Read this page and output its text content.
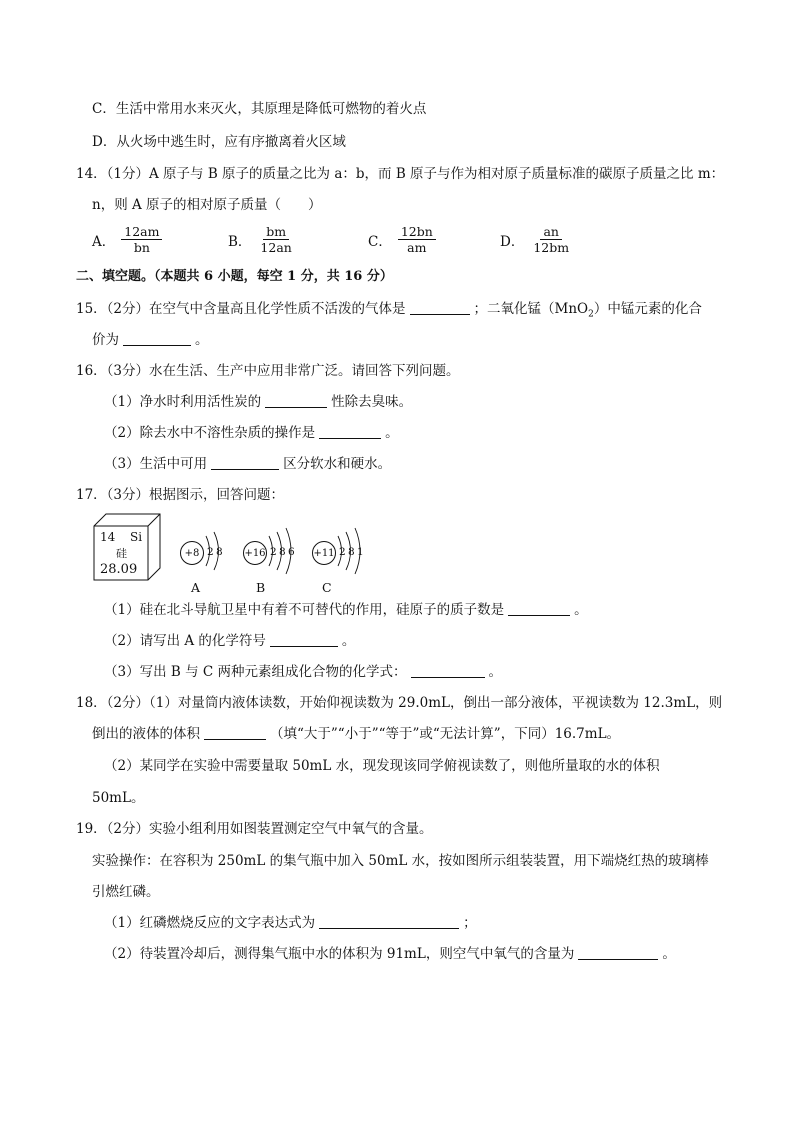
C．生活中常用水来灭火，其原理是降低可燃物的着火点
D．从火场中逃生时，应有序撤离着火区域
14．（1分）A 原子与 B 原子的质量之比为 a：b，而 B 原子与作为相对原子质量标准的碳原子质量之比 m：
n，则 A 原子的相对原子质量（　　）
A． $\frac{12am}{bn}$	B． $\frac{bm}{12an}$	C． $\frac{12bn}{am}$	D． $\frac{an}{12bm}$
二、填空题。（本题共 6 小题，每空 1 分，共 16 分）
15．（2分）在空气中含量高且化学性质不活泼的气体是	；二氧化锰（MnO$_2$）中锰元素的化合
价为	。
16．（3分）水在生活、生产中应用非常广泛。请回答下列问题。
（1）净水时利用活性炭的	性除去臭味。
（2）除去水中不溶性杂质的操作是	。
（3）生活中可用	区分软水和硬水。
17．（3分）根据图示，回答问题：
14 Si
硅
28.09
+8 2 8
A
+16 2 8 6
B
+11 2 8 1
C
（1）硅在北斗导航卫星中有着不可替代的作用，硅原子的质子数是	。
（2）请写出 A 的化学符号	。
（3）写出 B 与 C 两种元素组成化合物的化学式：	。
18．（2分）（1）对量筒内液体读数，开始仰视读数为 29.0mL，倒出一部分液体，平视读数为 12.3mL，则
倒出的液体的体积	（填“大于”“小于”“等于”或“无法计算”，下同）16.7mL。
（2）某同学在实验中需要量取 50mL 水，现发现该同学俯视读数了，则他所量取的水的体积
50mL。
19．（2分）实验小组利用如图装置测定空气中氧气的含量。
实验操作：在容积为 250mL 的集气瓶中加入 50mL 水，按如图所示组装装置，用下端烧红热的玻璃棒
引燃红磷。
（1）红磷燃烧反应的文字表达式为	；
（2）待装置冷却后，测得集气瓶中水的体积为 91mL，则空气中氧气的含量为	。
